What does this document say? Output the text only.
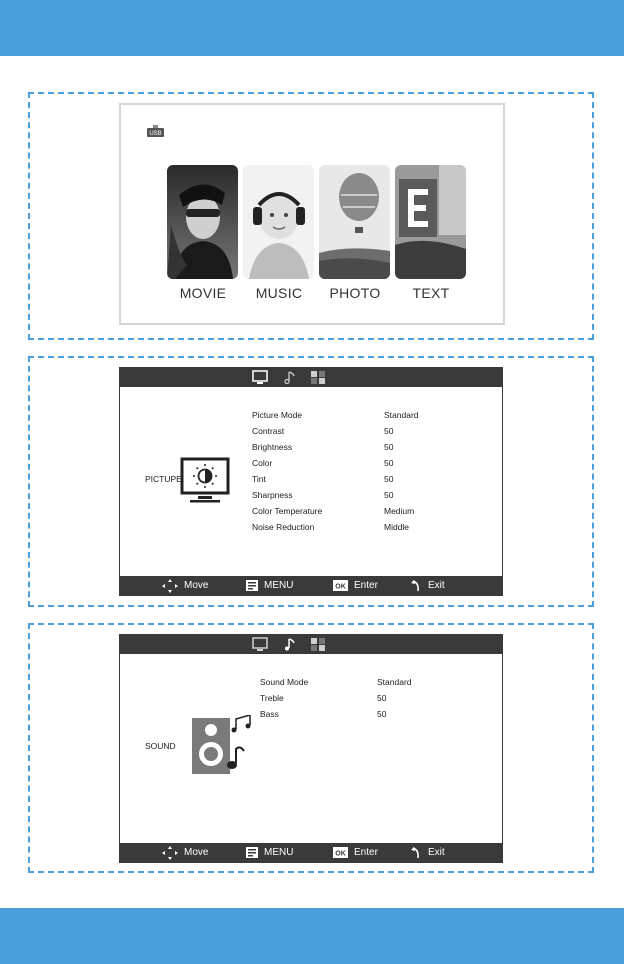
USB
MOVIE	MUSIC	PHOTO	TEXT
PICTUPE
Picture Mode	Standard
Contrast	50
Brightness	50
Color	50
Tint	50
Sharpness	50
Color Temperature	Medium
Noise Reduction	Middle
Move	MENU	OK Enter	Exit
SOUND
Sound Mode	Standard
Treble	50
Bass	50
Move	MENU	OK Enter	Exit
